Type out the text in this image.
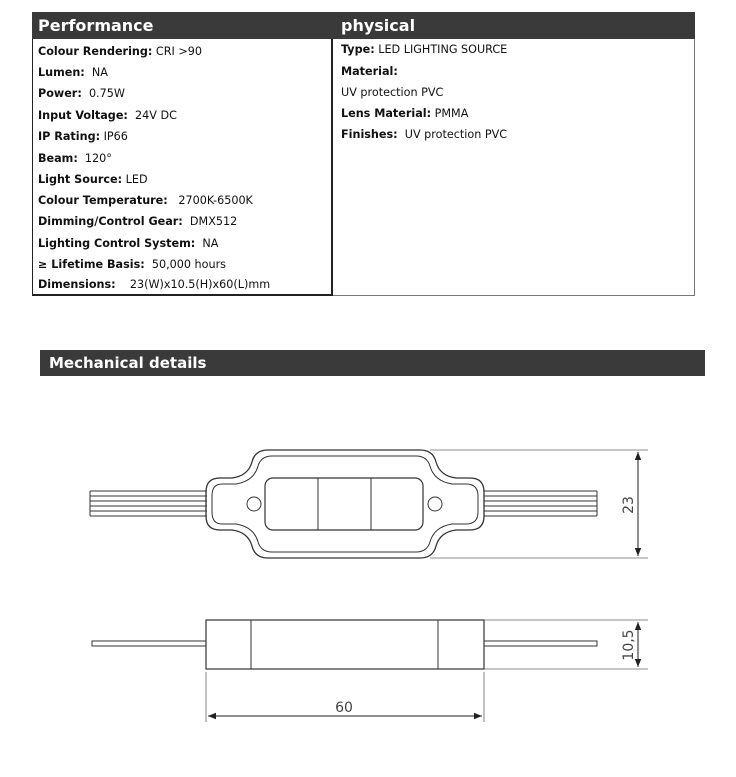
Performance	physical
Colour Rendering: CRI >90
Lumen: NA
Power: 0.75W
Input Voltage: 24V DC
IP Rating: IP66
Beam: 120°
Light Source: LED
Colour Temperature: 2700K-6500K
Dimming/Control Gear: DMX512
Lighting Control System: NA
≥ Lifetime Basis: 50,000 hours
Dimensions: 23(W)x10.5(H)x60(L)mm
Type: LED LIGHTING SOURCE
Material:
UV protection PVC
Lens Material: PMMA
Finishes: UV protection PVC
Mechanical details
23
10,5
60
